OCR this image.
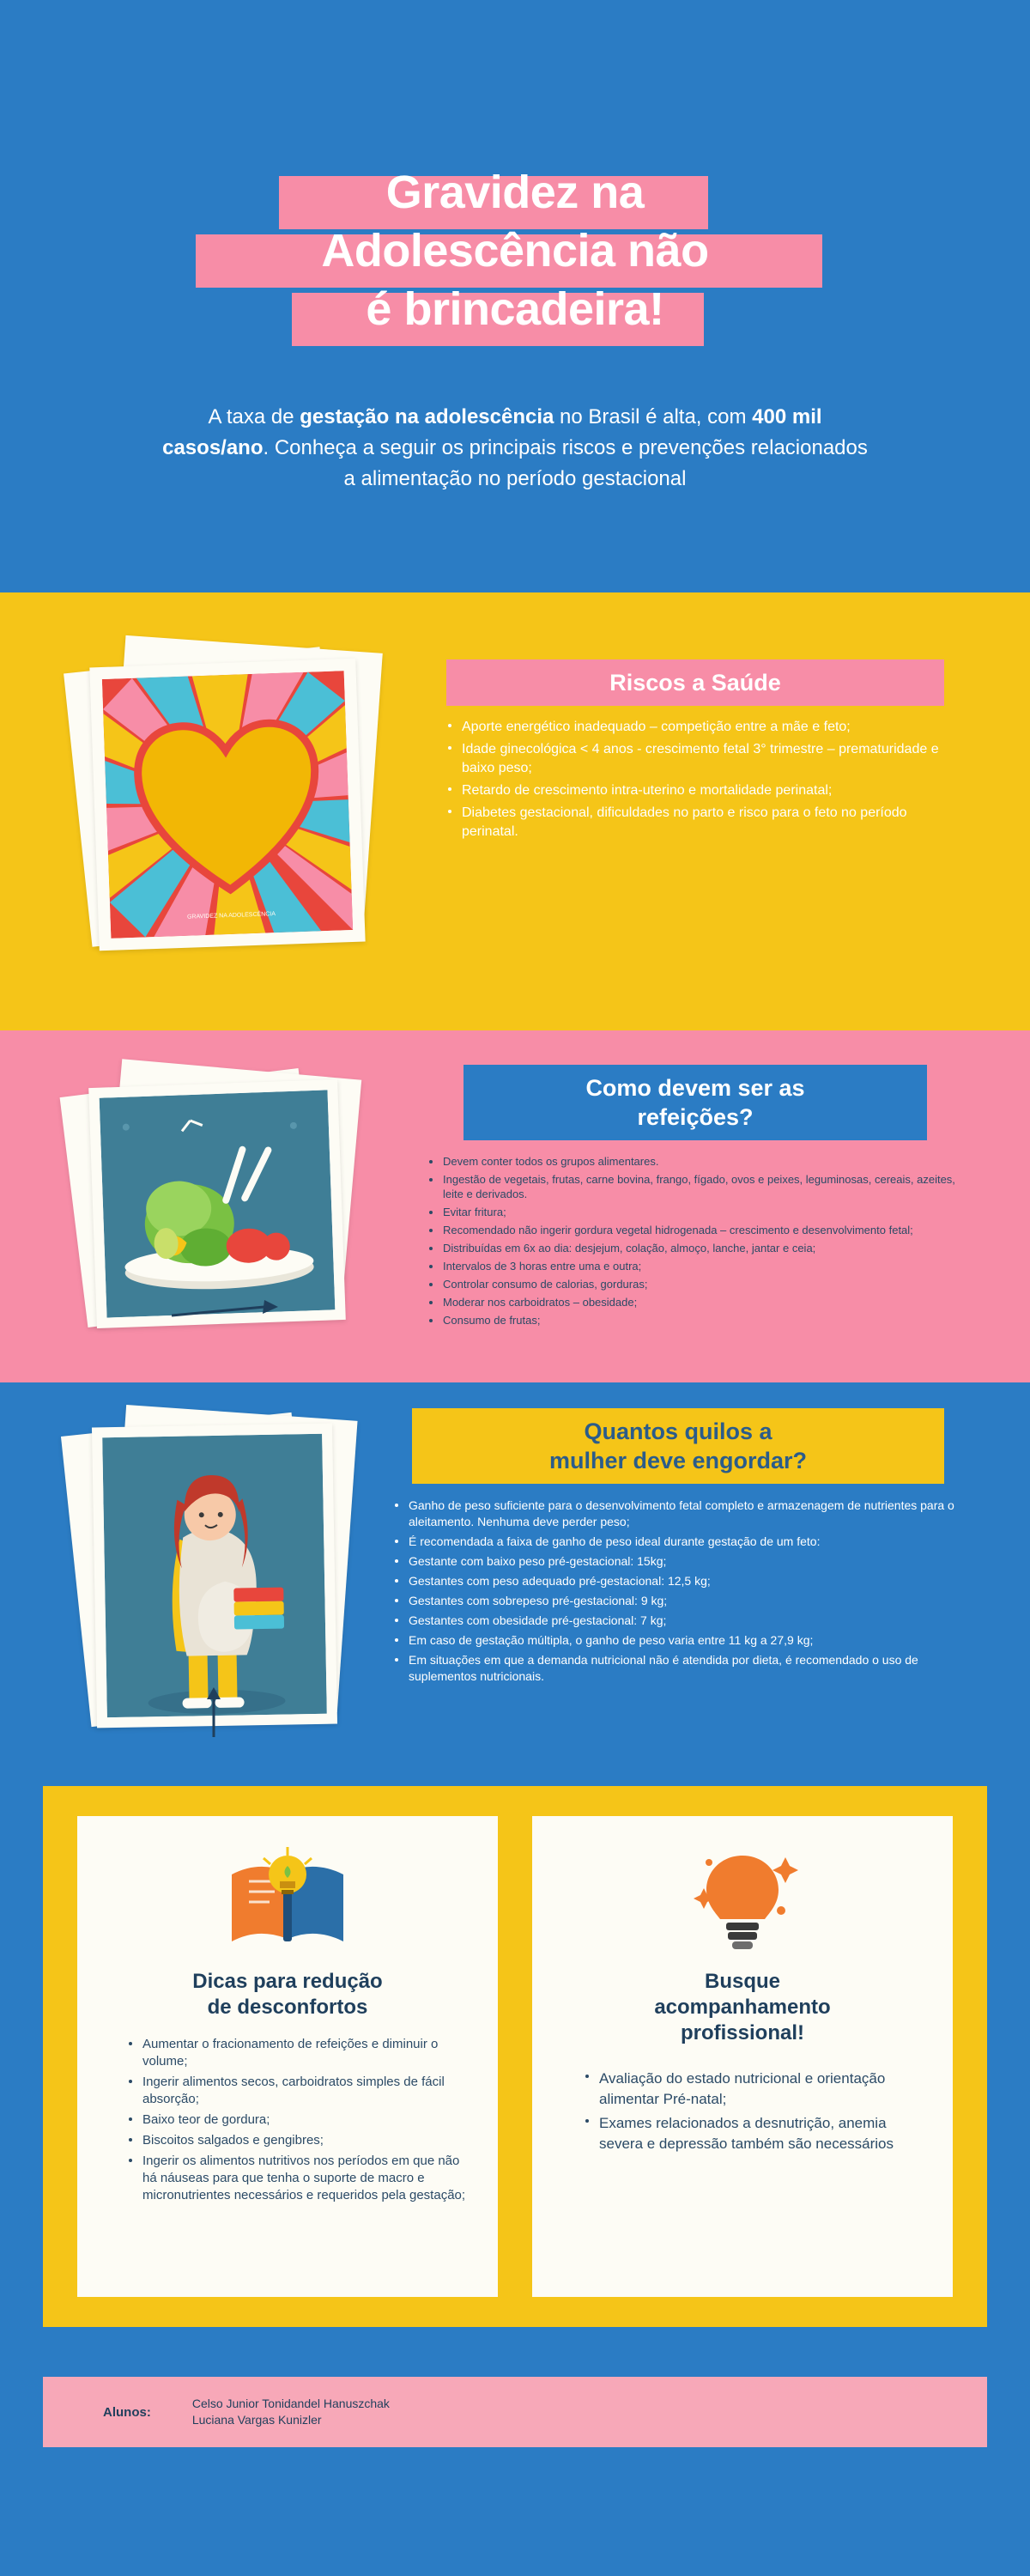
Gravidez na
Adolescência não
é brincadeira!
A taxa de gestação na adolescência no Brasil é alta, com 400 mil casos/ano. Conheça a seguir os principais riscos e prevenções relacionados a alimentação no período gestacional
GRAVIDEZ NA ADOLESCÊNCIA
Riscos a Saúde
Aporte energético inadequado – competição entre a mãe e feto;
Idade ginecológica < 4 anos - crescimento fetal 3° trimestre – prematuridade e baixo peso;
Retardo de crescimento intra-uterino e mortalidade perinatal;
Diabetes gestacional, dificuldades no parto e risco para o feto no período perinatal.
Como devem ser as
refeições?
Devem conter todos os grupos alimentares.
Ingestão de vegetais, frutas, carne bovina, frango, fígado, ovos e peixes, leguminosas, cereais, azeites, leite e derivados.
Evitar fritura;
Recomendado não ingerir gordura vegetal hidrogenada – crescimento e desenvolvimento fetal;
Distribuídas em 6x ao dia: desjejum, colação, almoço, lanche, jantar e ceia;
Intervalos de 3 horas entre uma e outra;
Controlar consumo de calorias, gorduras;
Moderar nos carboidratos – obesidade;
Consumo de frutas;
Quantos quilos a
mulher deve engordar?
Ganho de peso suficiente para o desenvolvimento fetal completo e armazenagem de nutrientes para o aleitamento. Nenhuma deve perder peso;
É recomendada a faixa de ganho de peso ideal durante gestação de um feto:
Gestante com baixo peso pré-gestacional: 15kg;
Gestantes com peso adequado pré-gestacional: 12,5 kg;
Gestantes com sobrepeso pré-gestacional: 9 kg;
Gestantes com obesidade pré-gestacional: 7 kg;
Em caso de gestação múltipla, o ganho de peso varia entre 11 kg a 27,9 kg;
Em situações em que a demanda nutricional não é atendida por dieta, é recomendado o uso de suplementos nutricionais.
Dicas para redução
de desconfortos
Aumentar o fracionamento de refeições e diminuir o volume;
Ingerir alimentos secos, carboidratos simples de fácil absorção;
Baixo teor de gordura;
Biscoitos salgados e gengibres;
Ingerir os alimentos nutritivos nos períodos em que não há náuseas para que tenha o suporte de macro e micronutrientes necessários e requeridos pela gestação;
Busque
acompanhamento
profissional!
Avaliação do estado nutricional e orientação alimentar Pré-natal;
Exames relacionados a desnutrição, anemia severa e depressão também são necessários
Alunos:
Celso Junior Tonidandel Hanuszchak
Luciana Vargas Kunizler
